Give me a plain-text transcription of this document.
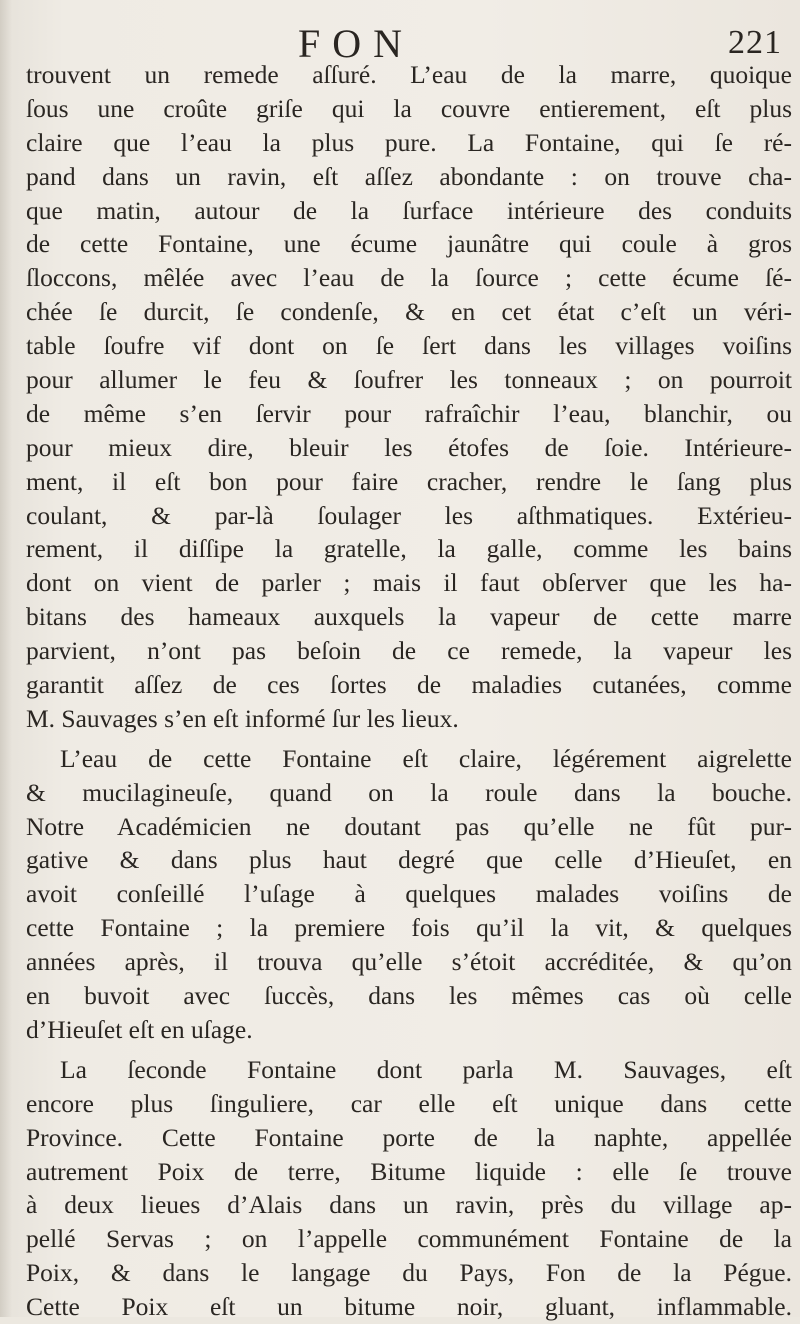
FON	221
trouvent un remede aſſuré. L’eau de la marre, quoique
ſous une croûte griſe qui la couvre entierement, eſt plus
claire que l’eau la plus pure. La Fontaine, qui ſe ré-
pand dans un ravin, eſt aſſez abondante : on trouve cha-
que matin, autour de la ſurface intérieure des conduits
de cette Fontaine, une écume jaunâtre qui coule à gros
ſloccons, mêlée avec l’eau de la ſource ; cette écume ſé-
chée ſe durcit, ſe condenſe, & en cet état c’eſt un véri-
table ſoufre vif dont on ſe ſert dans les villages voiſins
pour allumer le feu & ſoufrer les tonneaux ; on pourroit
de même s’en ſervir pour rafraîchir l’eau, blanchir, ou
pour mieux dire, bleuir les étofes de ſoie. Intérieure-
ment, il eſt bon pour faire cracher, rendre le ſang plus
coulant, & par-là ſoulager les aſthmatiques. Extérieu-
rement, il diſſipe la gratelle, la galle, comme les bains
dont on vient de parler ; mais il faut obſerver que les ha-
bitans des hameaux auxquels la vapeur de cette marre
parvient, n’ont pas beſoin de ce remede, la vapeur les
garantit aſſez de ces ſortes de maladies cutanées, comme
M. Sauvages s’en eſt informé ſur les lieux.
L’eau de cette Fontaine eſt claire, légérement aigrelette
& mucilagineuſe, quand on la roule dans la bouche.
Notre Académicien ne doutant pas qu’elle ne fût pur-
gative & dans plus haut degré que celle d’Hieuſet, en
avoit conſeillé l’uſage à quelques malades voiſins de
cette Fontaine ; la premiere fois qu’il la vit, & quelques
années après, il trouva qu’elle s’étoit accréditée, & qu’on
en buvoit avec ſuccès, dans les mêmes cas où celle
d’Hieuſet eſt en uſage.
La ſeconde Fontaine dont parla M. Sauvages, eſt
encore plus ſinguliere, car elle eſt unique dans cette
Province. Cette Fontaine porte de la naphte, appellée
autrement Poix de terre, Bitume liquide : elle ſe trouve
à deux lieues d’Alais dans un ravin, près du village ap-
pellé Servas ; on l’appelle communément Fontaine de la
Poix, & dans le langage du Pays, Fon de la Pégue.
Cette Poix eſt un bitume noir, gluant, inflammable.
